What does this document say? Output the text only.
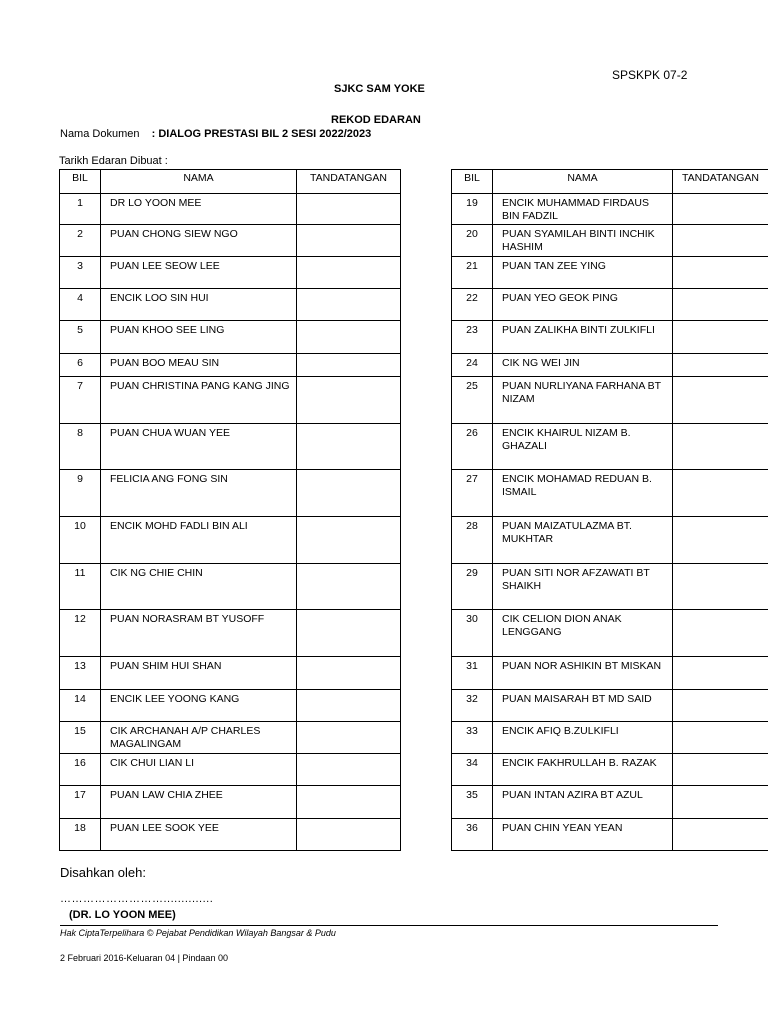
SPSKPK 07-2
SJKC SAM YOKE
REKOD EDARAN
Nama Dokumen : DIALOG PRESTASI BIL 2 SESI 2022/2023
Tarikh Edaran Dibuat :
BIL	NAMA	TANDATANGAN
1	DR LO YOON MEE	
2	PUAN CHONG SIEW NGO	
3	PUAN LEE SEOW LEE	
4	ENCIK LOO SIN HUI	
5	PUAN KHOO SEE LING	
6	PUAN BOO MEAU SIN	
7	PUAN CHRISTINA PANG KANG JING	
8	PUAN CHUA WUAN YEE	
9	FELICIA ANG FONG SIN	
10	ENCIK MOHD FADLI BIN ALI	
11	CIK NG CHIE CHIN	
12	PUAN NORASRAM BT YUSOFF	
13	PUAN SHIM HUI SHAN	
14	ENCIK LEE YOONG KANG	
15	CIK ARCHANAH A/P CHARLES MAGALINGAM	
16	CIK CHUI LIAN LI	
17	PUAN LAW CHIA ZHEE	
18	PUAN LEE SOOK YEE	
BIL	NAMA	TANDATANGAN
19	ENCIK MUHAMMAD FIRDAUS BIN FADZIL	
20	PUAN SYAMILAH BINTI INCHIK HASHIM	
21	PUAN TAN ZEE YING	
22	PUAN YEO GEOK PING	
23	PUAN ZALIKHA BINTI ZULKIFLI	
24	CIK NG WEI JIN	
25	PUAN NURLIYANA FARHANA BT NIZAM	
26	ENCIK KHAIRUL NIZAM B. GHAZALI	
27	ENCIK MOHAMAD REDUAN B. ISMAIL	
28	PUAN MAIZATULAZMA BT. MUKHTAR	
29	PUAN SITI NOR AFZAWATI BT SHAIKH	
30	CIK CELION DION ANAK LENGGANG	
31	PUAN NOR ASHIKIN BT MISKAN	
32	PUAN MAISARAH BT MD SAID	
33	ENCIK AFIQ B.ZULKIFLI	
34	ENCIK FAKHRULLAH B. RAZAK	
35	PUAN INTAN AZIRA BT AZUL	
36	PUAN CHIN YEAN YEAN	
Disahkan oleh:
………………………..............
(DR. LO YOON MEE)
Hak CiptaTerpelihara © Pejabat Pendidikan Wilayah Bangsar & Pudu
2 Februari 2016-Keluaran 04 | Pindaan 00
